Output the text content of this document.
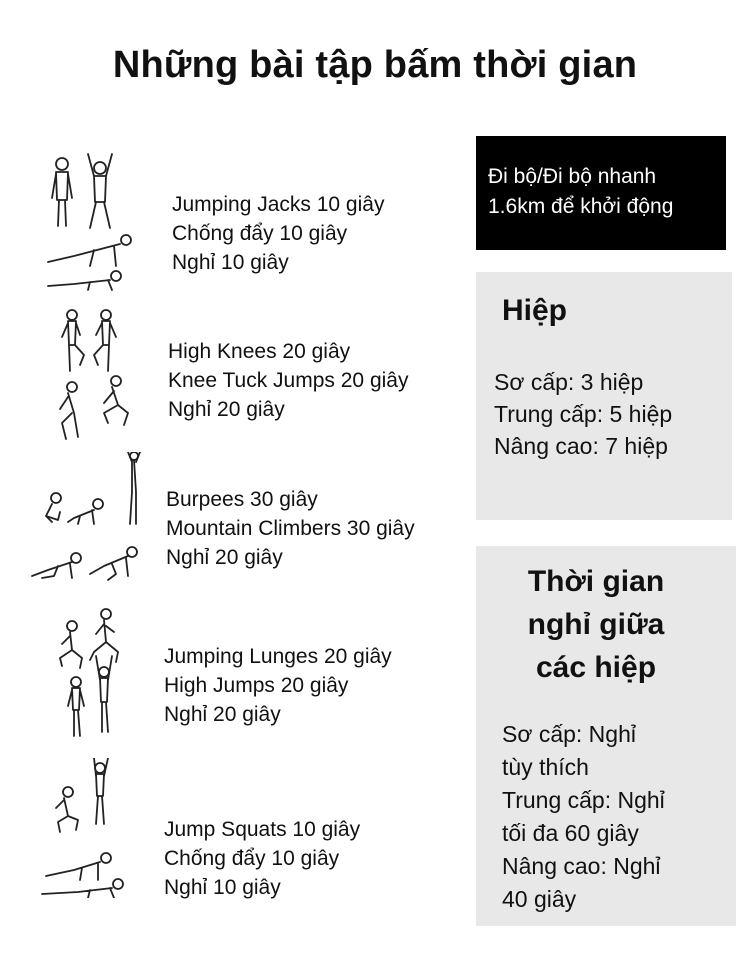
Những bài tập bấm thời gian
Jumping Jacks 10 giây
Chống đẩy 10 giây
Nghỉ 10 giây
High Knees 20 giây
Knee Tuck Jumps 20 giây
Nghỉ 20 giây
Burpees 30 giây
Mountain Climbers 30 giây
Nghỉ 20 giây
Jumping Lunges 20 giây
High Jumps 20 giây
Nghỉ 20 giây
Jump Squats 10 giây
Chống đẩy 10 giây
Nghỉ 10 giây
Đi bộ/Đi bộ nhanh
1.6km để khởi động
Hiệp
Sơ cấp: 3 hiệp
Trung cấp: 5 hiệp
Nâng cao: 7 hiệp
Thời gian
nghỉ giữa
các hiệp
Sơ cấp: Nghỉ
tùy thích
Trung cấp: Nghỉ
tối đa 60 giây
Nâng cao: Nghỉ
40 giây
